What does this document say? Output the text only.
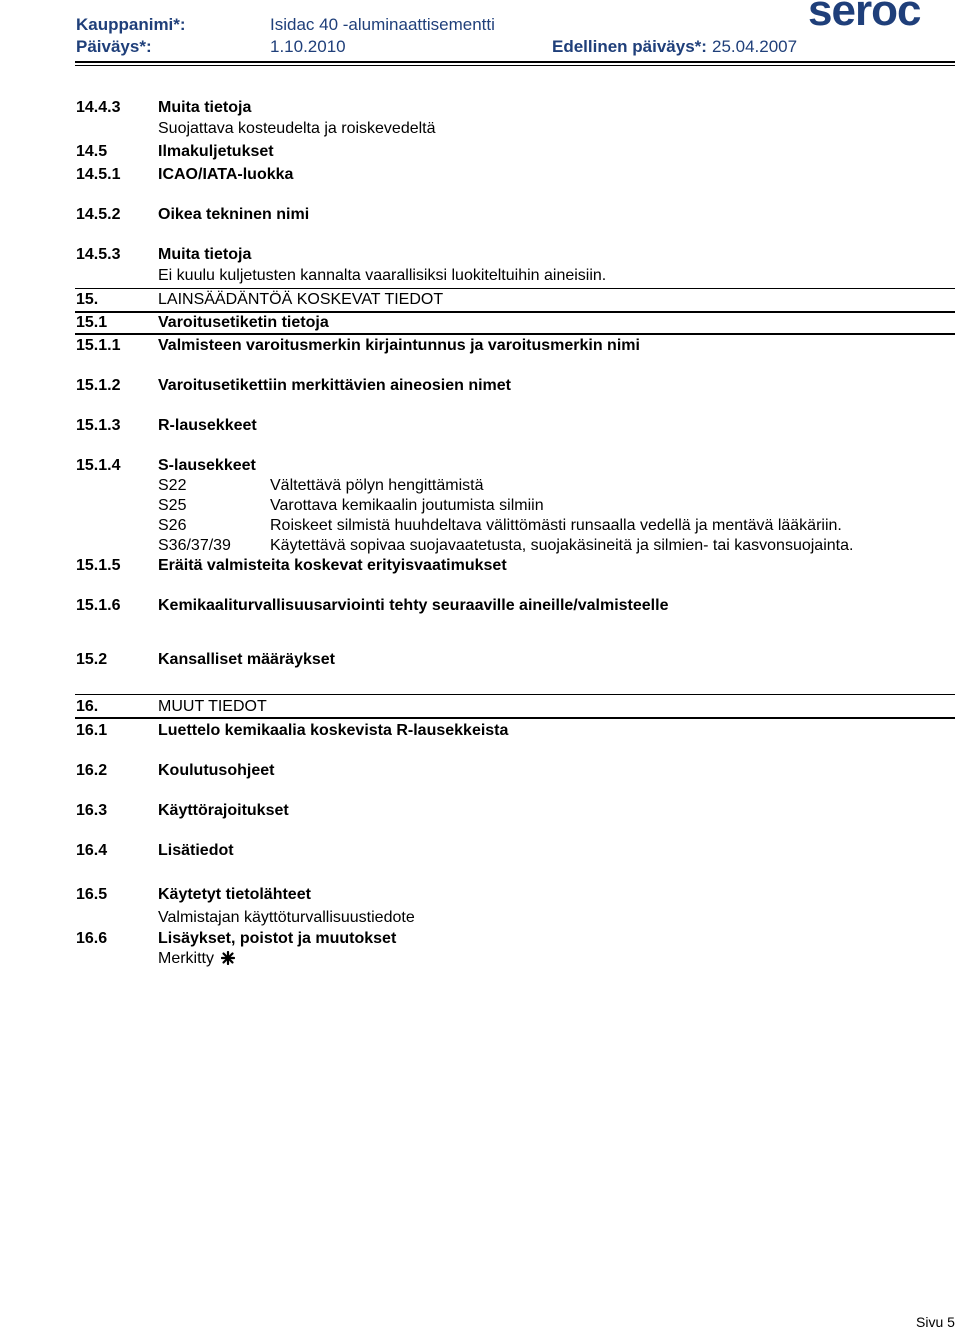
Kauppanimi*:	Isidac 40 -aluminaattisementti
Päiväys*:	1.10.2010	Edellinen päiväys*: 25.04.2007
seroc
14.4.3 Muita tietoja
Suojattava kosteudelta ja roiskevedeltä
14.5	Ilmakuljetukset
14.5.1 ICAO/IATA-luokka
14.5.2 Oikea tekninen nimi
14.5.3 Muita tietoja
Ei kuulu kuljetusten kannalta vaarallisiksi luokiteltuihin aineisiin.
15.	LAINSÄÄDÄNTÖÄ KOSKEVAT TIEDOT
15.1	Varoitusetiketin tietoja
15.1.1 Valmisteen varoitusmerkin kirjaintunnus ja varoitusmerkin nimi
15.1.2 Varoitusetikettiin merkittävien aineosien nimet
15.1.3 R-lausekkeet
15.1.4 S-lausekkeet
S22	Vältettävä pölyn hengittämistä
S25	Varottava kemikaalin joutumista silmiin
S26	Roiskeet silmistä huuhdeltava välittömästi runsaalla vedellä ja mentävä lääkäriin.
S36/37/39 Käytettävä sopivaa suojavaatetusta, suojakäsineitä ja silmien- tai kasvonsuojainta.
15.1.5 Eräitä valmisteita koskevat erityisvaatimukset
15.1.6 Kemikaaliturvallisuusarviointi tehty seuraaville aineille/valmisteelle
15.2	Kansalliset määräykset
16.	MUUT TIEDOT
16.1	Luettelo kemikaalia koskevista R-lausekkeista
16.2	Koulutusohjeet
16.3	Käyttörajoitukset
16.4	Lisätiedot
16.5	Käytetyt tietolähteet
Valmistajan käyttöturvallisuustiedote
16.6	Lisäykset, poistot ja muutokset
Merkitty
Sivu 5
